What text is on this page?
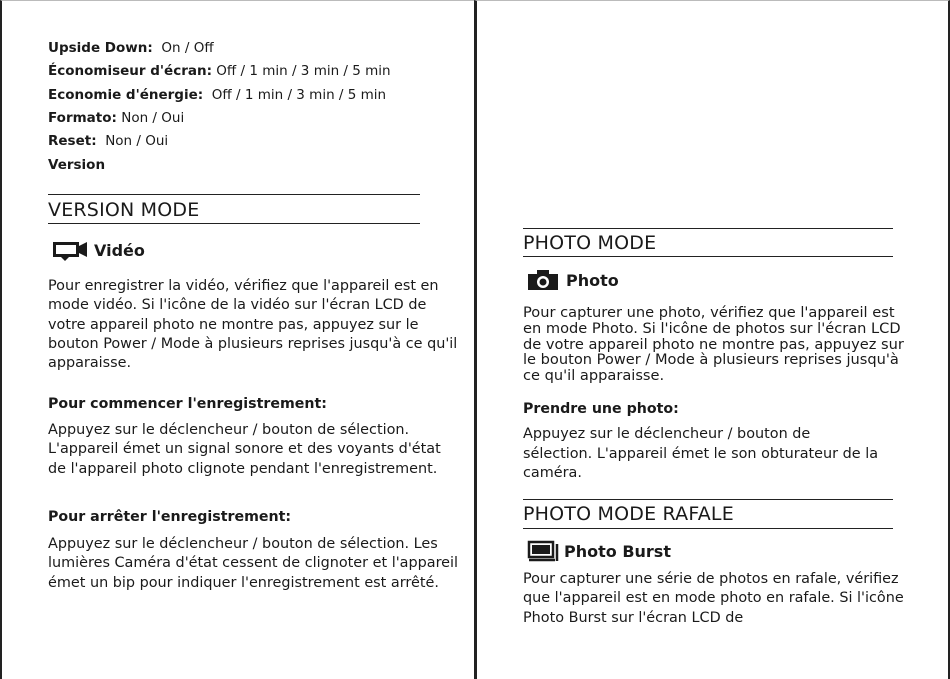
Upside Down: On / Off
Économiseur d'écran: Off / 1 min / 3 min / 5 min
Economie d'énergie: Off / 1 min / 3 min / 5 min
Formato: Non / Oui
Reset: Non / Oui
Version
VERSION MODE
Vidéo
Pour enregistrer la vidéo, vérifiez que l'appareil est en mode vidéo. Si l'icône de la vidéo sur l'écran LCD de votre appareil photo ne montre pas, appuyez sur le bouton Power / Mode à plusieurs reprises jusqu'à ce qu'il apparaisse.
Pour commencer l'enregistrement:
Appuyez sur le déclencheur / bouton de sélection. L'appareil émet un signal sonore et des voyants d'état de l'appareil photo clignote pendant l'enregistrement.
Pour arrêter l'enregistrement:
Appuyez sur le déclencheur / bouton de sélection. Les lumières Caméra d'état cessent de clignoter et l'appareil émet un bip pour indiquer l'enregistrement est arrêté.
PHOTO MODE
Photo
Pour capturer une photo, vérifiez que l'appareil est en mode Photo. Si l'icône de photos sur l'écran LCD de votre appareil photo ne montre pas, appuyez sur le bouton Power / Mode à plusieurs reprises jusqu'à ce qu'il apparaisse.
Prendre une photo:
Appuyez sur le déclencheur / bouton de sélection. L'appareil émet le son obturateur de la caméra.
PHOTO MODE RAFALE
Photo Burst
Pour capturer une série de photos en rafale, vérifiez que l'appareil est en mode photo en rafale. Si l'icône Photo Burst sur l'écran LCD de
